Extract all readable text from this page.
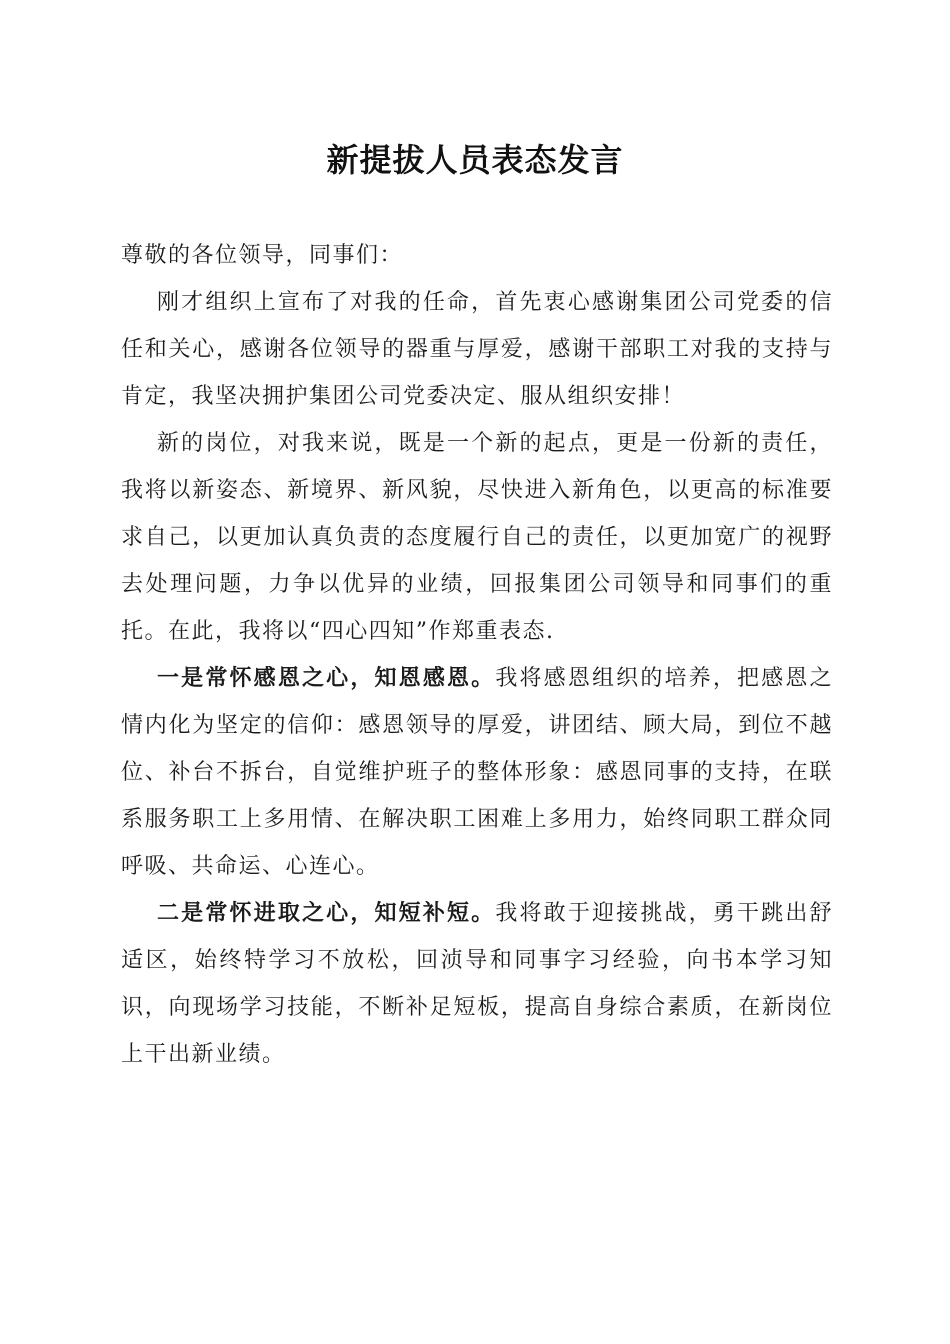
新提拔人员表态发言

尊敬的各位领导，同事们：

刚才组织上宣布了对我的任命，首先衷心感谢集团公司党委的信任和关心，感谢各位领导的器重与厚爱，感谢干部职工对我的支持与肯定，我坚决拥护集团公司党委决定、服从组织安排！

新的岗位，对我来说，既是一个新的起点，更是一份新的责任，我将以新姿态、新境界、新风貌，尽快进入新角色，以更高的标准要求自己，以更加认真负责的态度履行自己的责任，以更加宽广的视野去处理问题，力争以优异的业绩，回报集团公司领导和同事们的重托。在此，我将以“四心四知”作郑重表态.

一是常怀感恩之心，知恩感恩。我将感恩组织的培养，把感恩之情内化为坚定的信仰：感恩领导的厚爱，讲团结、顾大局，到位不越位、补台不拆台，自觉维护班子的整体形象：感恩同事的支持，在联系服务职工上多用情、在解决职工困难上多用力，始终同职工群众同呼吸、共命运、心连心。

二是常怀进取之心，知短补短。我将敢于迎接挑战，勇干跳出舒适区，始终特学习不放松，回浈导和同事字习经验，向书本学习知识，向现场学习技能，不断补足短板，提高自身综合素质，在新岗位上干出新业绩。
